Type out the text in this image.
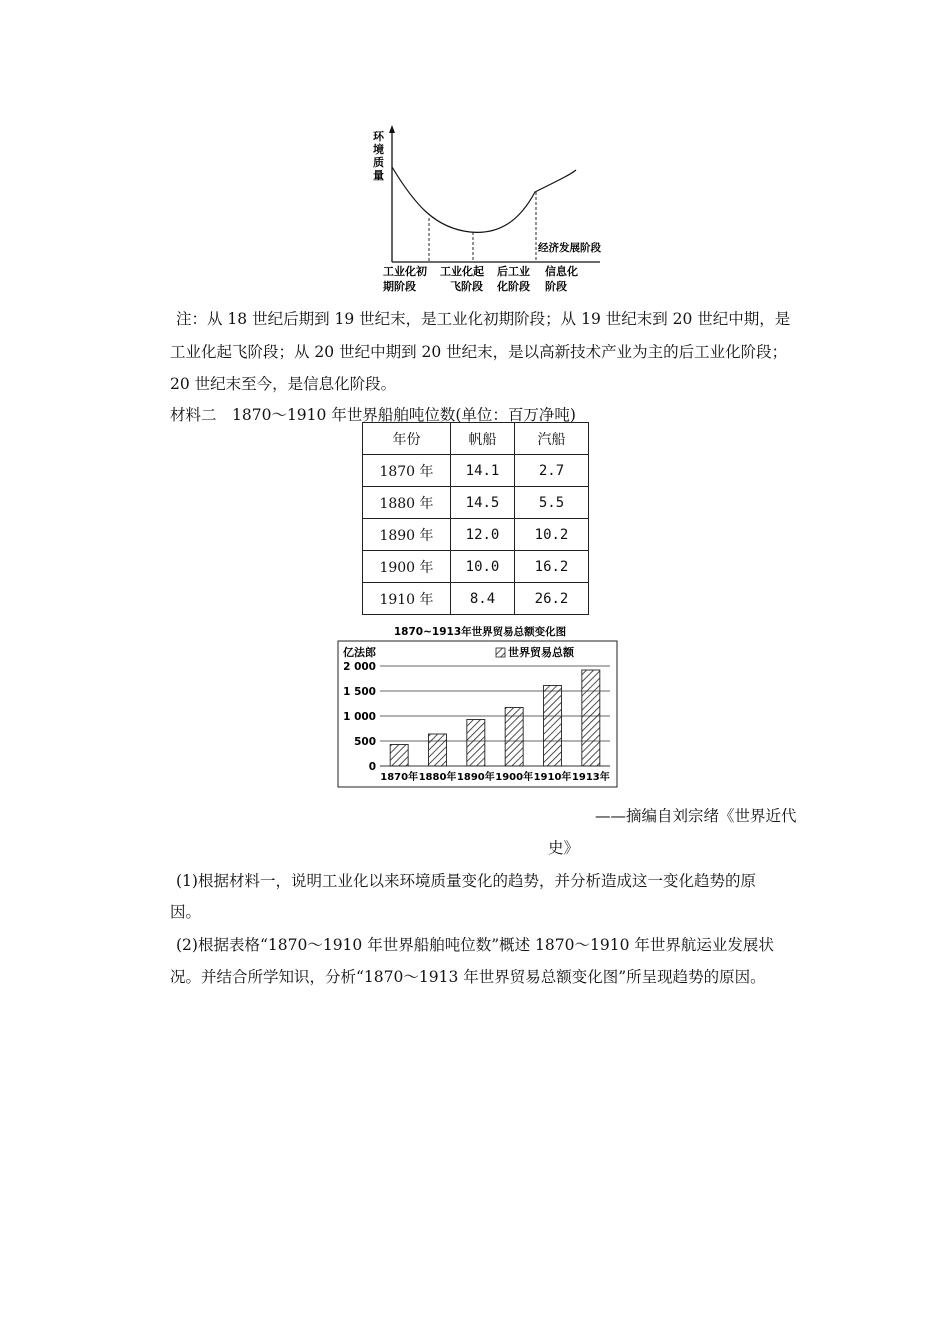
环
境
质
量
经济发展阶段
工业化初
期阶段
工业化起
飞阶段
后工业
化阶段
信息化
阶段
注：从 18 世纪后期到 19 世纪末，是工业化初期阶段；从 19 世纪末到 20 世纪中期，是
工业化起飞阶段；从 20 世纪中期到 20 世纪末，是以高新技术产业为主的后工业化阶段；
20 世纪末至今，是信息化阶段。
材料二　1870～1910 年世界船舶吨位数(单位：百万净吨)
年份	帆船	汽船
1870 年	14.1	2.7
1880 年	14.5	5.5
1890 年	12.0	10.2
1900 年	10.0	16.2
1910 年	8.4	26.2
1870~1913年世界贸易总额变化图
亿法郎	世界贸易总额
0
500
1 000
1 500
2 000
1870年 1880年 1890年 1900年 1910年 1913年
——摘编自刘宗绪《世界近代
史》
(1)根据材料一，说明工业化以来环境质量变化的趋势，并分析造成这一变化趋势的原
因。
(2)根据表格“1870～1910 年世界船舶吨位数”概述 1870～1910 年世界航运业发展状
况。并结合所学知识，分析“1870～1913 年世界贸易总额变化图”所呈现趋势的原因。
